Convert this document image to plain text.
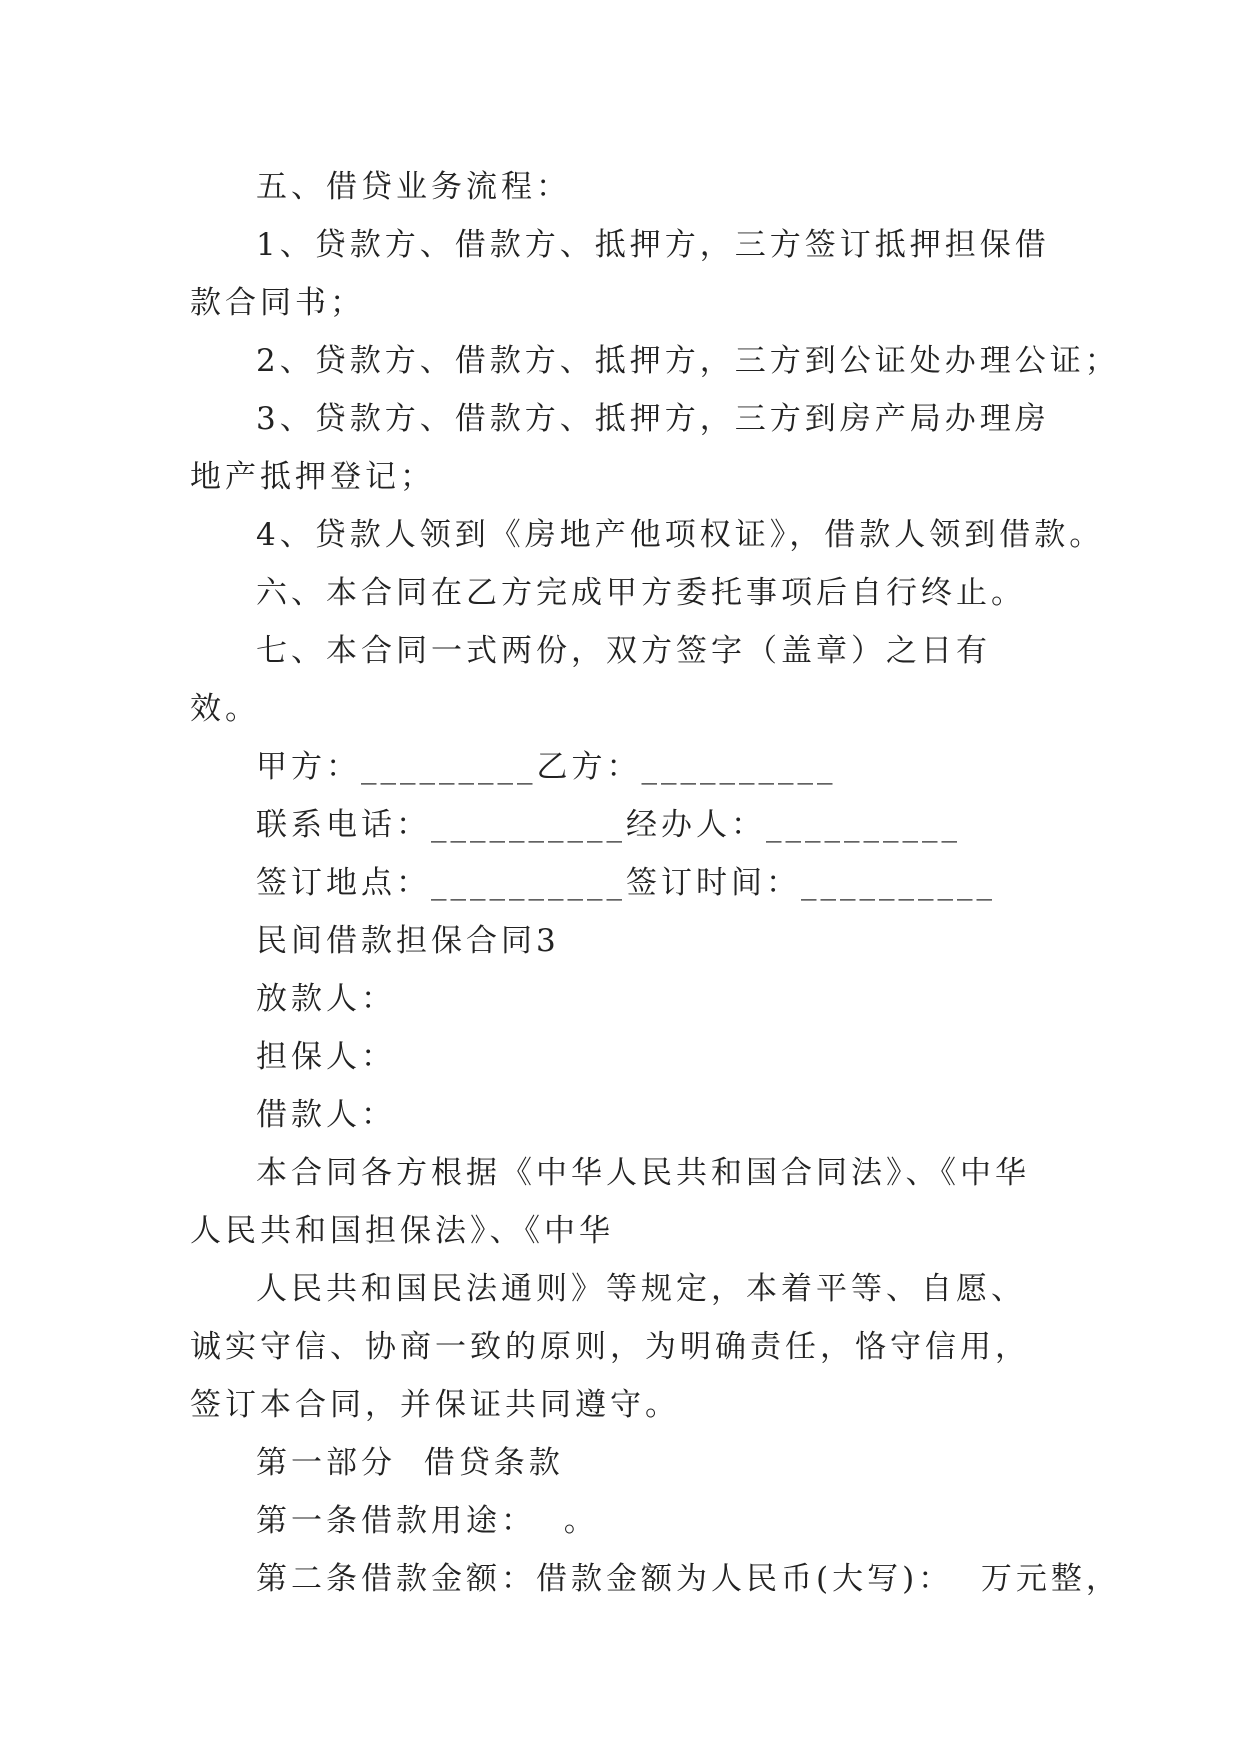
五、借贷业务流程：

1、贷款方、借款方、抵押方，三方签订抵押担保借款合同书；

2、贷款方、借款方、抵押方，三方到公证处办理公证；

3、贷款方、借款方、抵押方，三方到房产局办理房地产抵押登记；

4、贷款人领到《房地产他项权证》，借款人领到借款。

六、本合同在乙方完成甲方委托事项后自行终止。

七、本合同一式两份，双方签字（盖章）之日有效。

甲方：_________乙方：__________

联系电话：__________经办人：__________

签订地点：__________签订时间：__________

民间借款担保合同3

放款人：

担保人：

借款人：

本合同各方根据《中华人民共和国合同法》、《中华人民共和国担保法》、《中华

人民共和国民法通则》等规定，本着平等、自愿、诚实守信、协商一致的原则，为明确责任，恪守信用，签订本合同，并保证共同遵守。

第一部分  借贷条款

第一条借款用途：  。

第二条借款金额：借款金额为人民币(大写)：  万元整，
